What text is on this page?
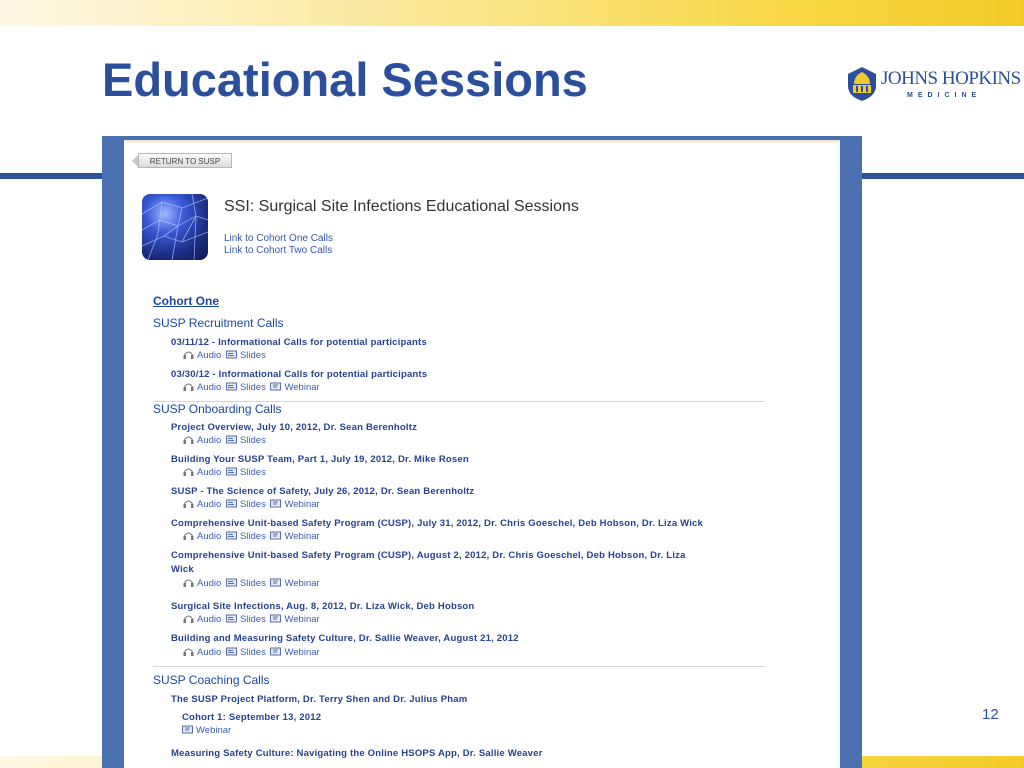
Educational Sessions	JOHNS HOPKINS
MEDICINE
RETURN TO SUSP
SSI: Surgical Site Infections Educational Sessions
Link to Cohort One Calls
Link to Cohort Two Calls
Cohort One
SUSP Recruitment Calls
03/11/12 - Informational Calls for potential participants
Audio Slides
03/30/12 - Informational Calls for potential participants
Audio Slides Webinar
SUSP Onboarding Calls
Project Overview, July 10, 2012, Dr. Sean Berenholtz
Audio Slides
Building Your SUSP Team, Part 1, July 19, 2012, Dr. Mike Rosen
Audio Slides
SUSP - The Science of Safety, July 26, 2012, Dr. Sean Berenholtz
Audio Slides Webinar
Comprehensive Unit-based Safety Program (CUSP), July 31, 2012, Dr. Chris Goeschel, Deb Hobson, Dr. Liza Wick
Audio Slides Webinar
Comprehensive Unit-based Safety Program (CUSP), August 2, 2012, Dr. Chris Goeschel, Deb Hobson, Dr. Liza
Wick
Audio Slides Webinar
Surgical Site Infections, Aug. 8, 2012, Dr. Liza Wick, Deb Hobson
Audio Slides Webinar
Building and Measuring Safety Culture, Dr. Sallie Weaver, August 21, 2012
Audio Slides Webinar
SUSP Coaching Calls
The SUSP Project Platform, Dr. Terry Shen and Dr. Julius Pham
Cohort 1: September 13, 2012
Webinar
Measuring Safety Culture: Navigating the Online HSOPS App, Dr. Sallie Weaver
12
